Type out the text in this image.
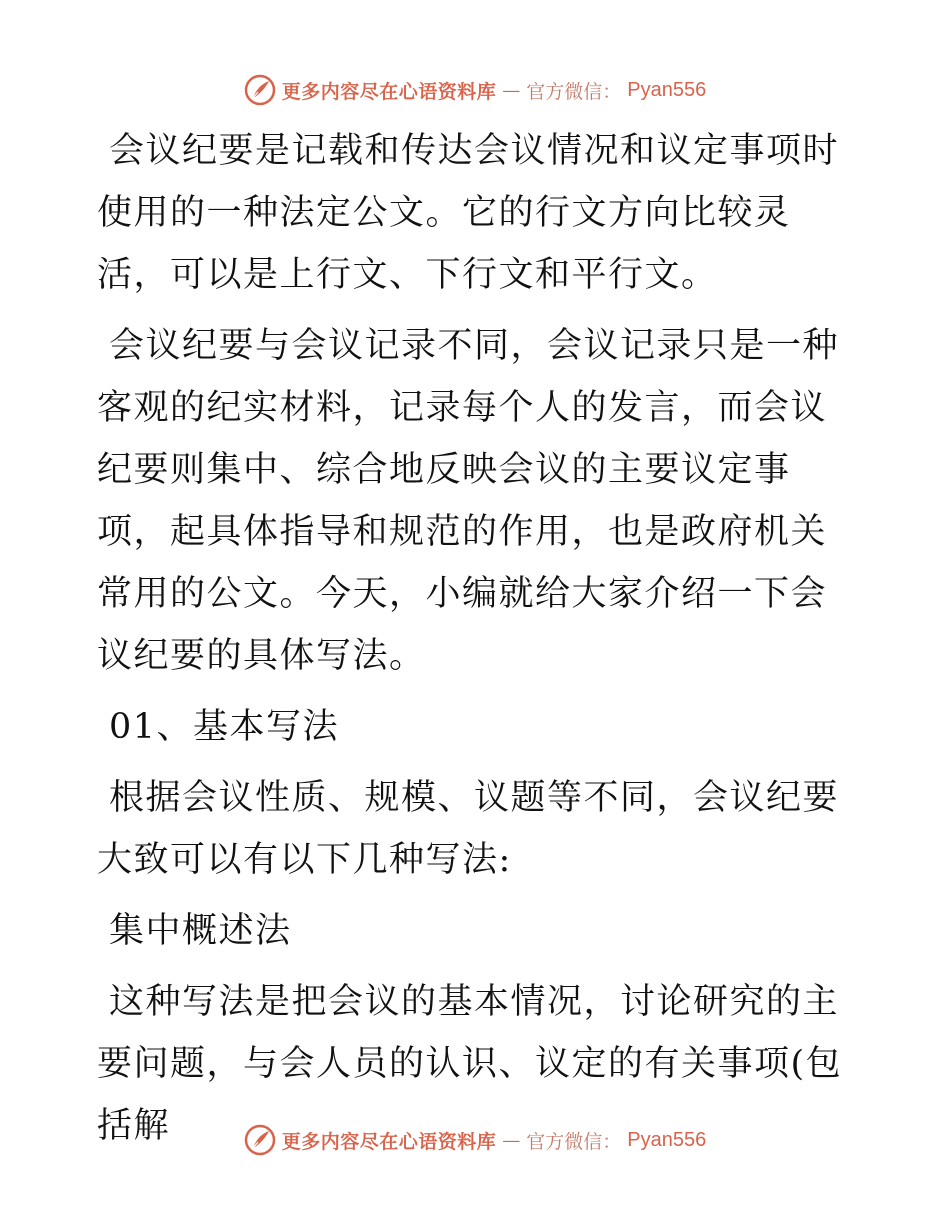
更多内容尽在心语资料库 — 官方微信： Pyan556

会议纪要是记载和传达会议情况和议定事项时使用的一种法定公文。它的行文方向比较灵活，可以是上行文、下行文和平行文。

会议纪要与会议记录不同，会议记录只是一种客观的纪实材料，记录每个人的发言，而会议纪要则集中、综合地反映会议的主要议定事项，起具体指导和规范的作用，也是政府机关常用的公文。今天，小编就给大家介绍一下会议纪要的具体写法。

01、基本写法

根据会议性质、规模、议题等不同，会议纪要大致可以有以下几种写法:

集中概述法

这种写法是把会议的基本情况，讨论研究的主要问题，与会人员的认识、议定的有关事项(包括解	更多内容尽在心语资料库 — 官方微信： Pyan556
